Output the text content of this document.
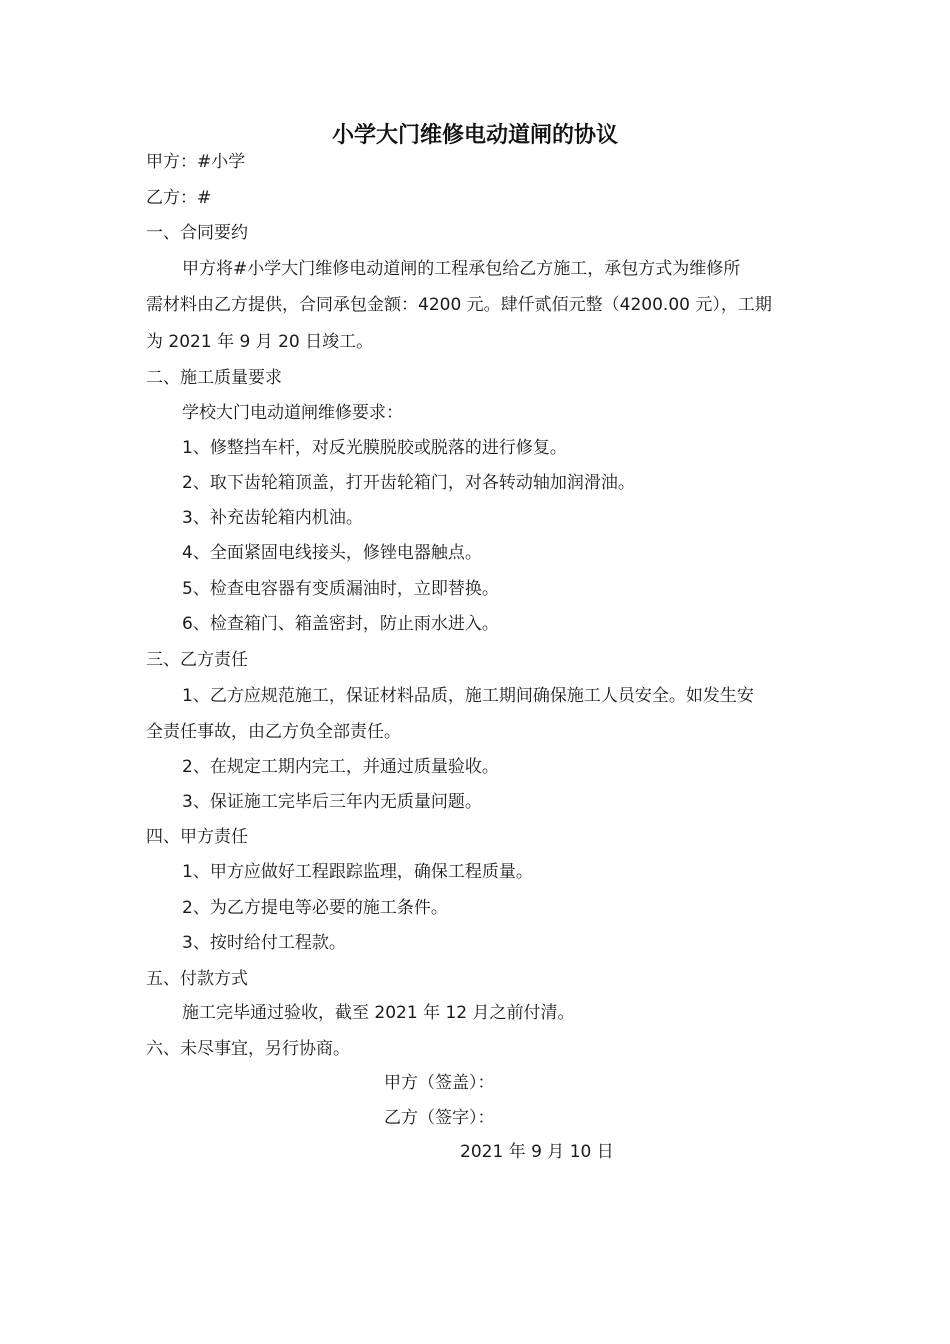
小学大门维修电动道闸的协议
甲方：#小学
乙方：#
一、合同要约
甲方将#小学大门维修电动道闸的工程承包给乙方施工，承包方式为维修所
需材料由乙方提供，合同承包金额：4200 元。肆仟贰佰元整（4200.00 元），工期
为 2021 年 9 月 20 日竣工。
二、施工质量要求
学校大门电动道闸维修要求：
1、修整挡车杆，对反光膜脱胶或脱落的进行修复。
2、取下齿轮箱顶盖，打开齿轮箱门，对各转动轴加润滑油。
3、补充齿轮箱内机油。
4、全面紧固电线接头，修锉电器触点。
5、检查电容器有变质漏油时，立即替换。
6、检查箱门、箱盖密封，防止雨水进入。
三、乙方责任
1、乙方应规范施工，保证材料品质，施工期间确保施工人员安全。如发生安
全责任事故，由乙方负全部责任。
2、在规定工期内完工，并通过质量验收。
3、保证施工完毕后三年内无质量问题。
四、甲方责任
1、甲方应做好工程跟踪监理，确保工程质量。
2、为乙方提电等必要的施工条件。
3、按时给付工程款。
五、付款方式
施工完毕通过验收，截至 2021 年 12 月之前付清。
六、未尽事宜，另行协商。
甲方（签盖）：
乙方（签字）：
2021 年 9 月 10 日
